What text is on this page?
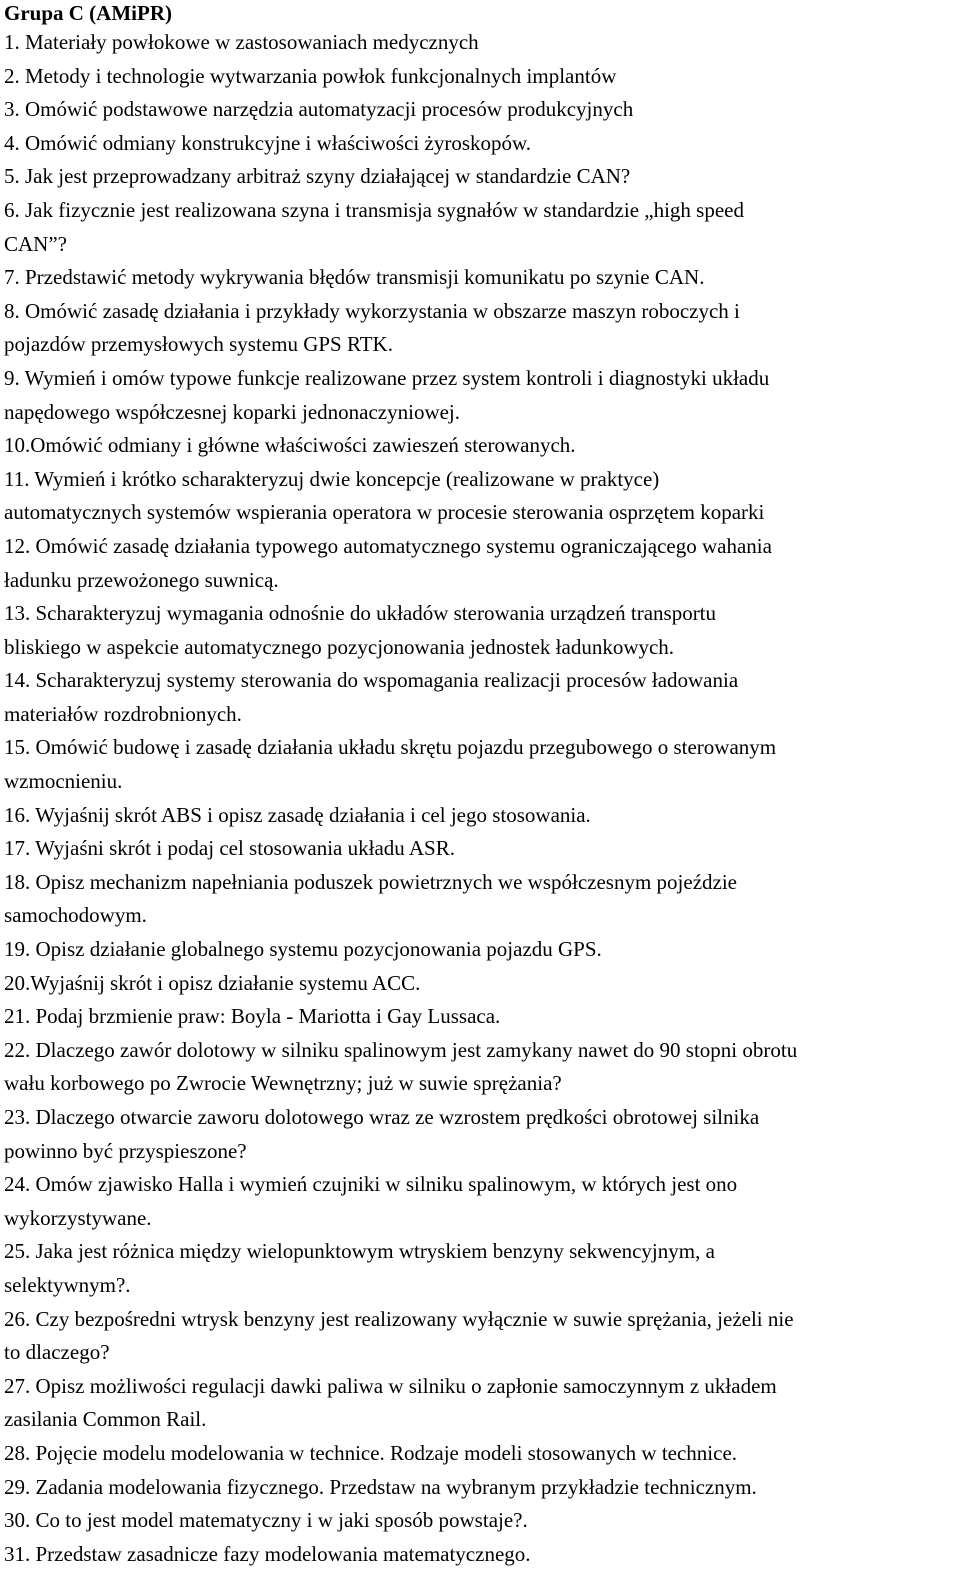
Grupa C (AMiPR)
1. Materiały powłokowe w zastosowaniach medycznych
2. Metody i technologie wytwarzania powłok funkcjonalnych implantów
3. Omówić podstawowe narzędzia automatyzacji procesów produkcyjnych
4. Omówić odmiany konstrukcyjne i właściwości żyroskopów.
5. Jak jest przeprowadzany arbitraż szyny działającej w standardzie CAN?
6. Jak fizycznie jest realizowana szyna i transmisja sygnałów w standardzie „high speed
CAN”?
7. Przedstawić metody wykrywania błędów transmisji komunikatu po szynie CAN.
8. Omówić zasadę działania i przykłady wykorzystania w obszarze maszyn roboczych i
pojazdów przemysłowych systemu GPS RTK.
9. Wymień i omów typowe funkcje realizowane przez system kontroli i diagnostyki układu
napędowego współczesnej koparki jednonaczyniowej.
10.Omówić odmiany i główne właściwości zawieszeń sterowanych.
11. Wymień i krótko scharakteryzuj dwie koncepcje (realizowane w praktyce)
automatycznych systemów wspierania operatora w procesie sterowania osprzętem koparki
12. Omówić zasadę działania typowego automatycznego systemu ograniczającego wahania
ładunku przewożonego suwnicą.
13. Scharakteryzuj wymagania odnośnie do układów sterowania urządzeń transportu
bliskiego w aspekcie automatycznego pozycjonowania jednostek ładunkowych.
14. Scharakteryzuj systemy sterowania do wspomagania realizacji procesów ładowania
materiałów rozdrobnionych.
15. Omówić budowę i zasadę działania układu skrętu pojazdu przegubowego o sterowanym
wzmocnieniu.
16. Wyjaśnij skrót ABS i opisz zasadę działania i cel jego stosowania.
17. Wyjaśni skrót i podaj cel stosowania układu ASR.
18. Opisz mechanizm napełniania poduszek powietrznych we współczesnym pojeździe
samochodowym.
19. Opisz działanie globalnego systemu pozycjonowania pojazdu GPS.
20.Wyjaśnij skrót i opisz działanie systemu ACC.
21. Podaj brzmienie praw: Boyla - Mariotta i Gay Lussaca.
22. Dlaczego zawór dolotowy w silniku spalinowym jest zamykany nawet do 90 stopni obrotu
wału korbowego po Zwrocie Wewnętrzny; już w suwie sprężania?
23. Dlaczego otwarcie zaworu dolotowego wraz ze wzrostem prędkości obrotowej silnika
powinno być przyspieszone?
24. Omów zjawisko Halla i wymień czujniki w silniku spalinowym, w których jest ono
wykorzystywane.
25. Jaka jest różnica między wielopunktowym wtryskiem benzyny sekwencyjnym, a
selektywnym?.
26. Czy bezpośredni wtrysk benzyny jest realizowany wyłącznie w suwie sprężania, jeżeli nie
to dlaczego?
27. Opisz możliwości regulacji dawki paliwa w silniku o zapłonie samoczynnym z układem
zasilania Common Rail.
28. Pojęcie modelu modelowania w technice. Rodzaje modeli stosowanych w technice.
29. Zadania modelowania fizycznego. Przedstaw na wybranym przykładzie technicznym.
30. Co to jest model matematyczny i w jaki sposób powstaje?.
31. Przedstaw zasadnicze fazy modelowania matematycznego.
